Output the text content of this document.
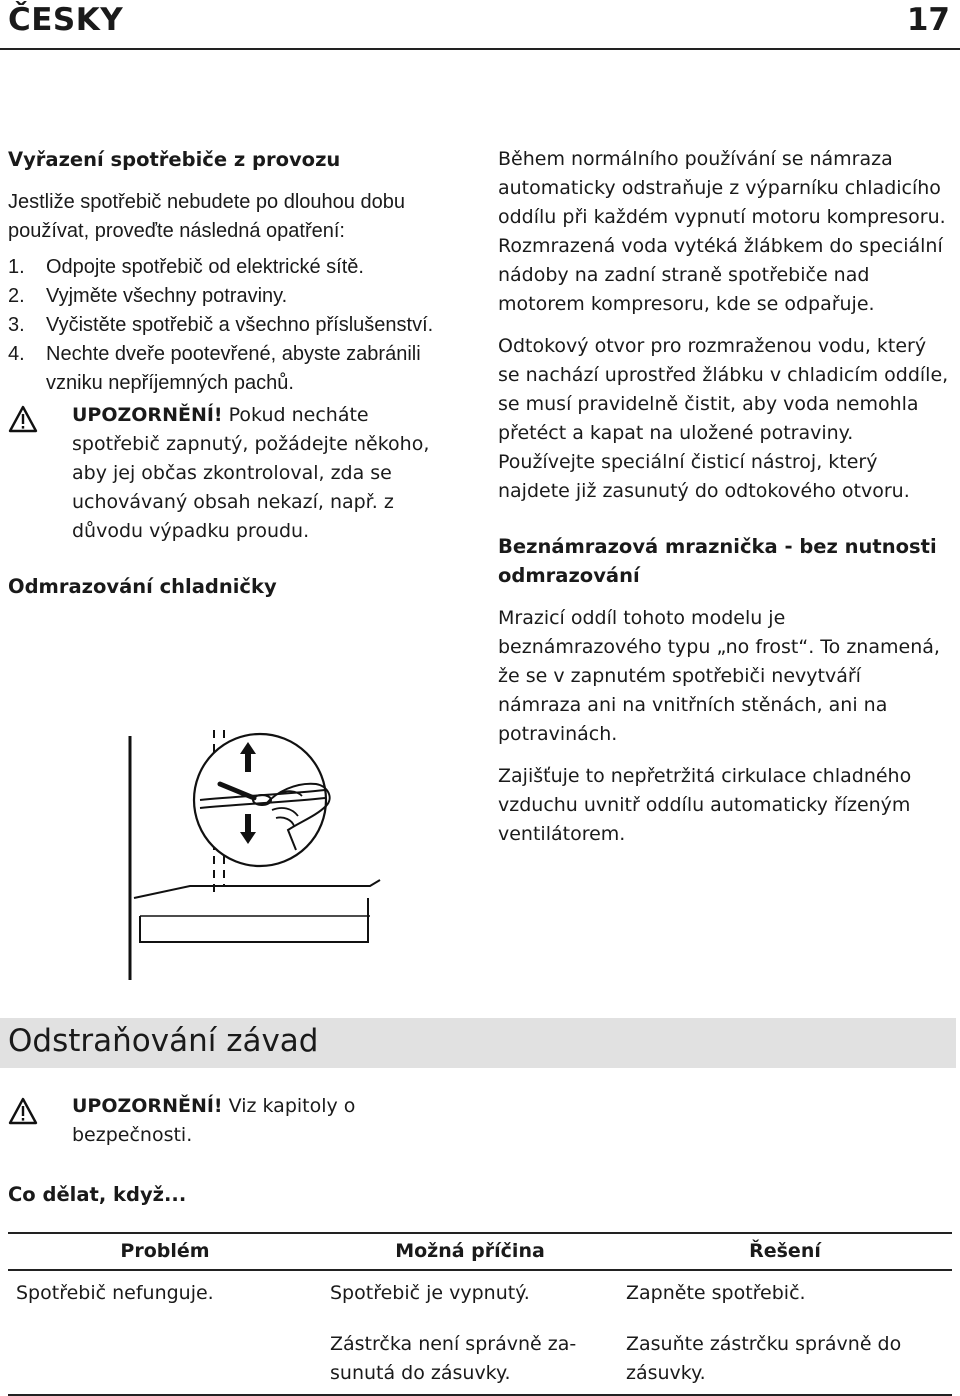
ČESKY	17

Vyřazení spotřebiče z provozu

Jestliže spotřebič nebudete po dlouhou dobu používat, proveďte následná opatření:

1.	Odpojte spotřebič od elektrické sítě.
2.	Vyjměte všechny potraviny.
3.	Vyčistěte spotřebič a všechno příslušenství.
4.	Nechte dveře pootevřené, abyste zabránili vzniku nepříjemných pachů.
UPOZORNĚNÍ! Pokud necháte spotřebič zapnutý, požádejte někoho, aby jej občas zkontroloval, zda se uchovávaný obsah nekazí, např. z důvodu výpadku proudu.

Odmrazování chladničky

Během normálního používání se námraza automaticky odstraňuje z výparníku chladicího oddílu při každém vypnutí motoru kompresoru. Rozmrazená voda vytéká žlábkem do speciální nádoby na zadní straně spotřebiče nad motorem kompresoru, kde se odpařuje.

Odtokový otvor pro rozmraženou vodu, který se nachází uprostřed žlábku v chladicím oddíle, se musí pravidelně čistit, aby voda nemohla přetéct a kapat na uložené potraviny. Používejte speciální čisticí nástroj, který najdete již zasunutý do odtokového otvoru.

Beznámrazová mraznička - bez nutnosti odmrazování

Mrazicí oddíl tohoto modelu je beznámrazového typu „no frost“. To znamená, že se v zapnutém spotřebiči nevytváří námraza ani na vnitřních stěnách, ani na potravinách.

Zajišťuje to nepřetržitá cirkulace chladného vzduchu uvnitř oddílu automaticky řízeným ventilátorem.

Odstraňování závad
UPOZORNĚNÍ! Viz kapitoly o bezpečnosti.
Co dělat, když...
Problém	Možná příčina	Řešení
Spotřebič nefunguje.	Spotřebič je vypnutý.	Zapněte spotřebič.
	Zástrčka není správně za-sunutá do zásuvky.	Zasuňte zástrčku správně do zásuvky.
